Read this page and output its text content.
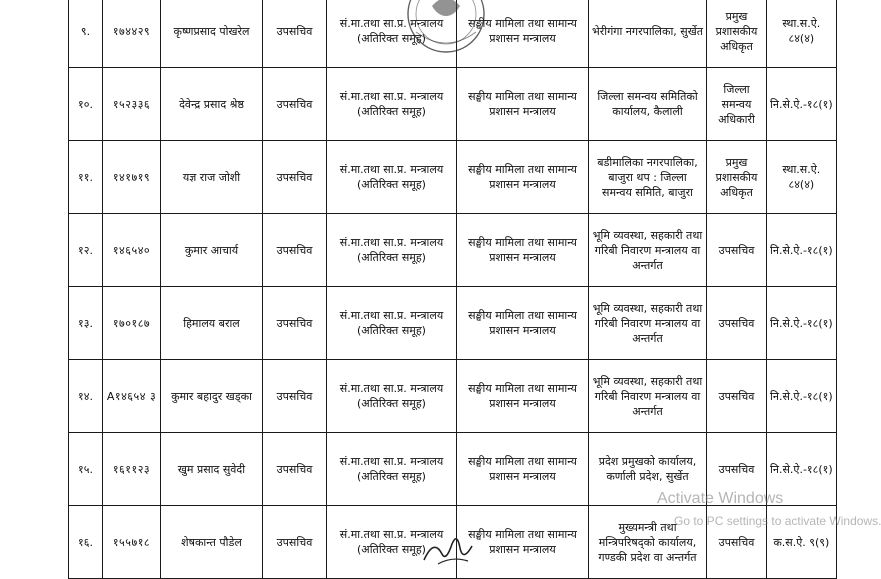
९.	१७४४२९	कृष्णप्रसाद पोखरेल	उपसचिव	सं.मा.तथा सा.प्र. मन्त्रालय (अतिरिक्त समूह)	सङ्घीय मामिला तथा सामान्य प्रशासन मन्त्रालय	भेरीगंगा नगरपालिका, सुर्खेत	प्रमुख प्रशासकीय अधिकृत	स्था.स.ऐ. ८४(४)
१०.	१५२३३६	देवेन्द्र प्रसाद श्रेष्ठ	उपसचिव	सं.मा.तथा सा.प्र. मन्त्रालय (अतिरिक्त समूह)	सङ्घीय मामिला तथा सामान्य प्रशासन मन्त्रालय	जिल्ला समन्वय समितिको कार्यालय, कैलाली	जिल्ला समन्वय अधिकारी	नि.से.ऐ.-१८(१)
११.	१४१७१९	यज्ञ राज जोशी	उपसचिव	सं.मा.तथा सा.प्र. मन्त्रालय (अतिरिक्त समूह)	सङ्घीय मामिला तथा सामान्य प्रशासन मन्त्रालय	बडीमालिका नगरपालिका, बाजुरा थप : जिल्ला समन्वय समिति, बाजुरा	प्रमुख प्रशासकीय अधिकृत	स्था.स.ऐ. ८४(४)
१२.	१४६५४०	कुमार आचार्य	उपसचिव	सं.मा.तथा सा.प्र. मन्त्रालय (अतिरिक्त समूह)	सङ्घीय मामिला तथा सामान्य प्रशासन मन्त्रालय	भूमि व्यवस्था, सहकारी तथा गरिबी निवारण मन्त्रालय वा अन्तर्गत	उपसचिव	नि.से.ऐ.-१८(१)
१३.	१७०१८७	हिमालय बराल	उपसचिव	सं.मा.तथा सा.प्र. मन्त्रालय (अतिरिक्त समूह)	सङ्घीय मामिला तथा सामान्य प्रशासन मन्त्रालय	भूमि व्यवस्था, सहकारी तथा गरिबी निवारण मन्त्रालय वा अन्तर्गत	उपसचिव	नि.से.ऐ.-१८(१)
१४.	A१४६५४ ३	कुमार बहादुर खड्का	उपसचिव	सं.मा.तथा सा.प्र. मन्त्रालय (अतिरिक्त समूह)	सङ्घीय मामिला तथा सामान्य प्रशासन मन्त्रालय	भूमि व्यवस्था, सहकारी तथा गरिबी निवारण मन्त्रालय वा अन्तर्गत	उपसचिव	नि.से.ऐ.-१८(१)
१५.	१६११२३	खुम प्रसाद सुवेदी	उपसचिव	सं.मा.तथा सा.प्र. मन्त्रालय (अतिरिक्त समूह)	सङ्घीय मामिला तथा सामान्य प्रशासन मन्त्रालय	प्रदेश प्रमुखको कार्यालय, कर्णाली प्रदेश, सुर्खेत	उपसचिव	नि.से.ऐ.-१८(१)
१६.	१५५७१८	शेषकान्त पौडेल	उपसचिव	सं.मा.तथा सा.प्र. मन्त्रालय (अतिरिक्त समूह)	सङ्घीय मामिला तथा सामान्य प्रशासन मन्त्रालय	मुख्यमन्त्री तथा मन्त्रिपरिषद्को कार्यालय, गण्डकी प्रदेश वा अन्तर्गत	उपसचिव	क.स.ऐ. ९(९)
Activate Windows
Go to PC settings to activate Windows.
